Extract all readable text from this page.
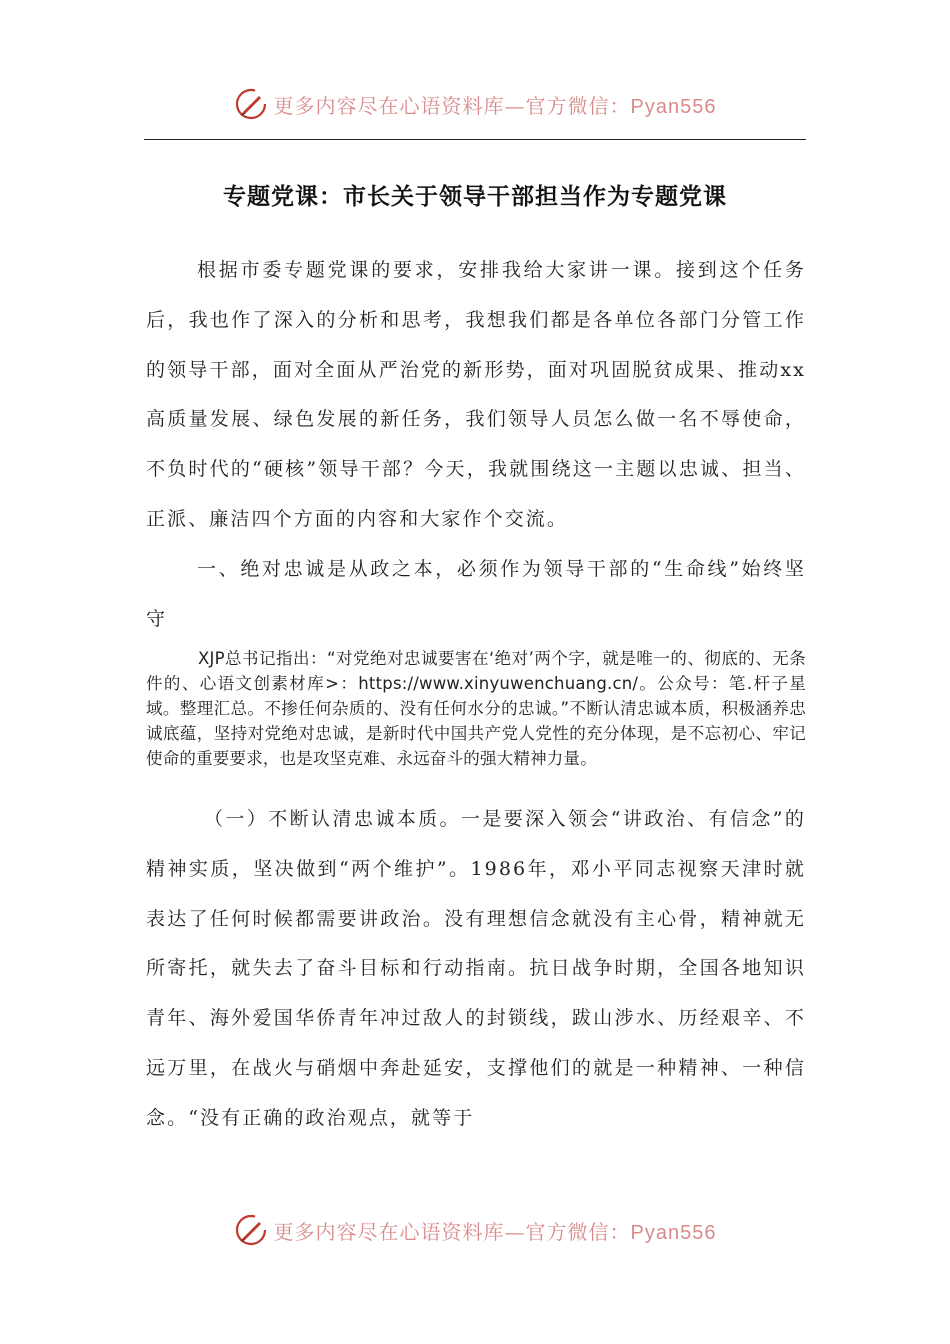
更多内容尽在心语资料库—官方微信：Pyan556
专题党课：市长关于领导干部担当作为专题党课

根据市委专题党课的要求，安排我给大家讲一课。接到这个任务后，我也作了深入的分析和思考，我想我们都是各单位各部门分管工作的领导干部，面对全面从严治党的新形势，面对巩固脱贫成果、推动xx高质量发展、绿色发展的新任务，我们领导人员怎么做一名不辱使命，不负时代的“硬核”领导干部？今天，我就围绕这一主题以忠诚、担当、正派、廉洁四个方面的内容和大家作个交流。

一、绝对忠诚是从政之本，必须作为领导干部的“生命线”始终坚守

XJP总书记指出：“对党绝对忠诚要害在‘绝对’两个字，就是唯一的、彻底的、无条件的、心语文创素材库>：https://www.xinyuwenchuang.cn/。公众号：笔.杆子星域。整理汇总。不掺任何杂质的、没有任何水分的忠诚。”不断认清忠诚本质，积极涵养忠诚底蕴，坚持对党绝对忠诚，是新时代中国共产党人党性的充分体现，是不忘初心、牢记使命的重要要求，也是攻坚克难、永远奋斗的强大精神力量。

（一）不断认清忠诚本质。一是要深入领会“讲政治、有信念”的精神实质，坚决做到“两个维护”。1986年，邓小平同志视察天津时就表达了任何时候都需要讲政治。没有理想信念就没有主心骨，精神就无所寄托，就失去了奋斗目标和行动指南。抗日战争时期，全国各地知识青年、海外爱国华侨青年冲过敌人的封锁线，跋山涉水、历经艰辛、不远万里，在战火与硝烟中奔赴延安，支撑他们的就是一种精神、一种信念。“没有正确的政治观点，就等于

更多内容尽在心语资料库—官方微信：Pyan556
